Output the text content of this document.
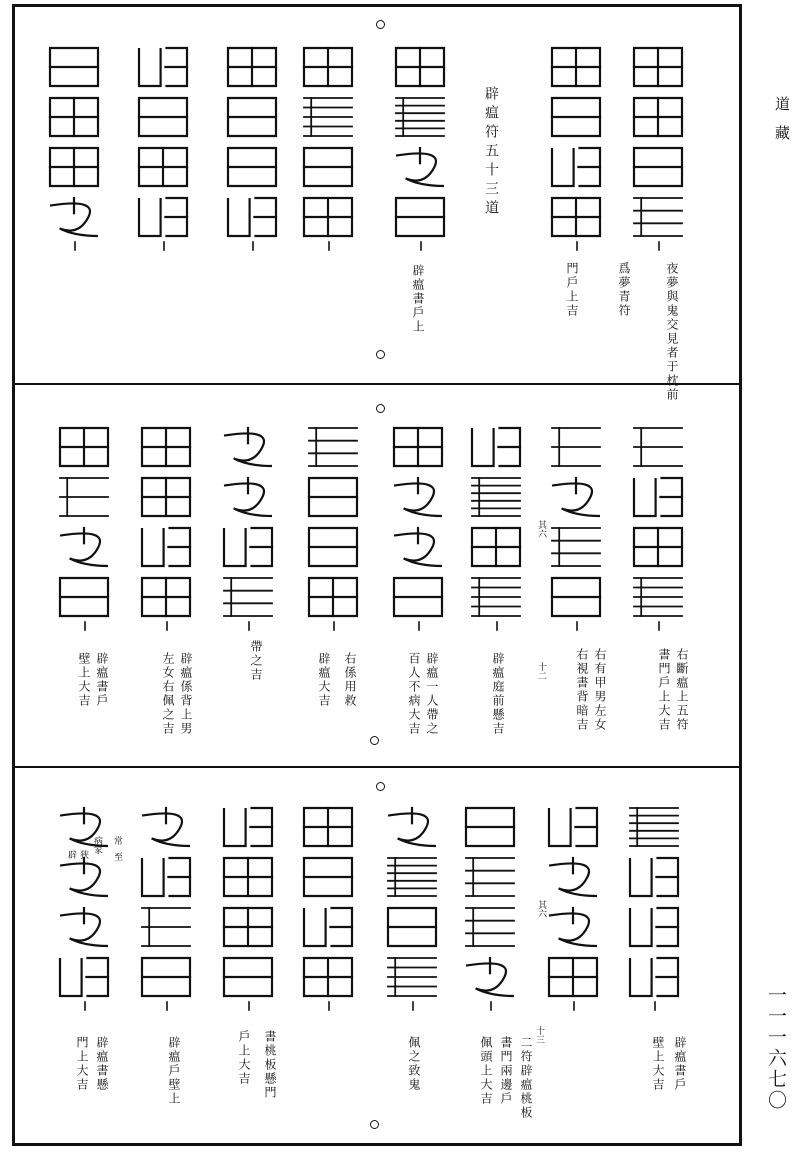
道藏
一一一六七〇
辟瘟符五十三道
夜夢與鬼交見者于枕前
爲夢青符
門戶上吉
辟瘟書戶上
其六
十二	右斷瘟上五符
書門戶上大吉
右有甲男左女
右視書背暗吉
辟瘟庭前懸吉
辟瘟一人帶之
百人不病大吉
右係用救
辟瘟大吉
帶之吉
辟瘟係背上男
左女右佩之吉
辟瘟書戶
壁上大吉
其六
十三
常
病家
辟 狹	至
辟瘟書戶
壁上大吉
二符辟瘟桃板
書門兩邊戶
佩頭上大吉
佩之致鬼
書桃板懸門
戶上大吉
辟瘟戶壁上
辟瘟書懸
門上大吉
